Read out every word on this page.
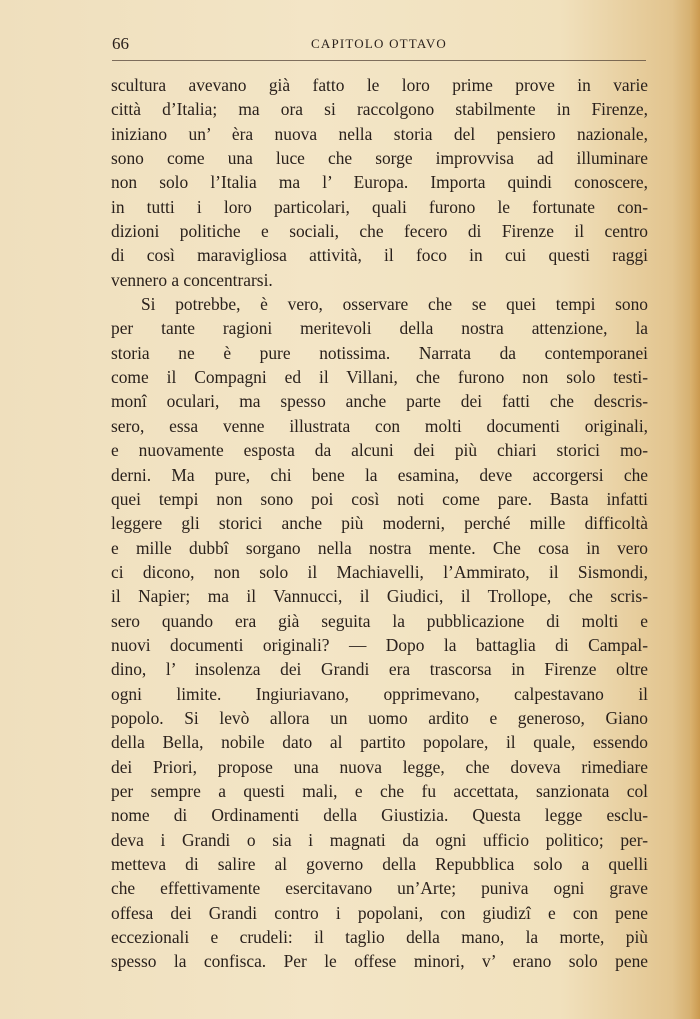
66	CAPITOLO OTTAVO
scultura avevano già fatto le loro prime prove in varie
città d’Italia; ma ora si raccolgono stabilmente in Firenze,
iniziano un’ èra nuova nella storia del pensiero nazionale,
sono come una luce che sorge improvvisa ad illuminare
non solo l’Italia ma l’ Europa. Importa quindi conoscere,
in tutti i loro particolari, quali furono le fortunate con-
dizioni politiche e sociali, che fecero di Firenze il centro
di così maravigliosa attività, il foco in cui questi raggi
vennero a concentrarsi.
Si potrebbe, è vero, osservare che se quei tempi sono
per tante ragioni meritevoli della nostra attenzione, la
storia ne è pure notissima. Narrata da contemporanei
come il Compagni ed il Villani, che furono non solo testi-
monî oculari, ma spesso anche parte dei fatti che descris-
sero, essa venne illustrata con molti documenti originali,
e nuovamente esposta da alcuni dei più chiari storici mo-
derni. Ma pure, chi bene la esamina, deve accorgersi che
quei tempi non sono poi così noti come pare. Basta infatti
leggere gli storici anche più moderni, perché mille difficoltà
e mille dubbî sorgano nella nostra mente. Che cosa in vero
ci dicono, non solo il Machiavelli, l’Ammirato, il Sismondi,
il Napier; ma il Vannucci, il Giudici, il Trollope, che scris-
sero quando era già seguita la pubblicazione di molti e
nuovi documenti originali? — Dopo la battaglia di Campal-
dino, l’ insolenza dei Grandi era trascorsa in Firenze oltre
ogni limite. Ingiuriavano, opprimevano, calpestavano il
popolo. Si levò allora un uomo ardito e generoso, Giano
della Bella, nobile dato al partito popolare, il quale, essendo
dei Priori, propose una nuova legge, che doveva rimediare
per sempre a questi mali, e che fu accettata, sanzionata col
nome di Ordinamenti della Giustizia. Questa legge esclu-
deva i Grandi o sia i magnati da ogni ufficio politico; per-
metteva di salire al governo della Repubblica solo a quelli
che effettivamente esercitavano un’Arte; puniva ogni grave
offesa dei Grandi contro i popolani, con giudizî e con pene
eccezionali e crudeli: il taglio della mano, la morte, più
spesso la confisca. Per le offese minori, v’ erano solo pene
